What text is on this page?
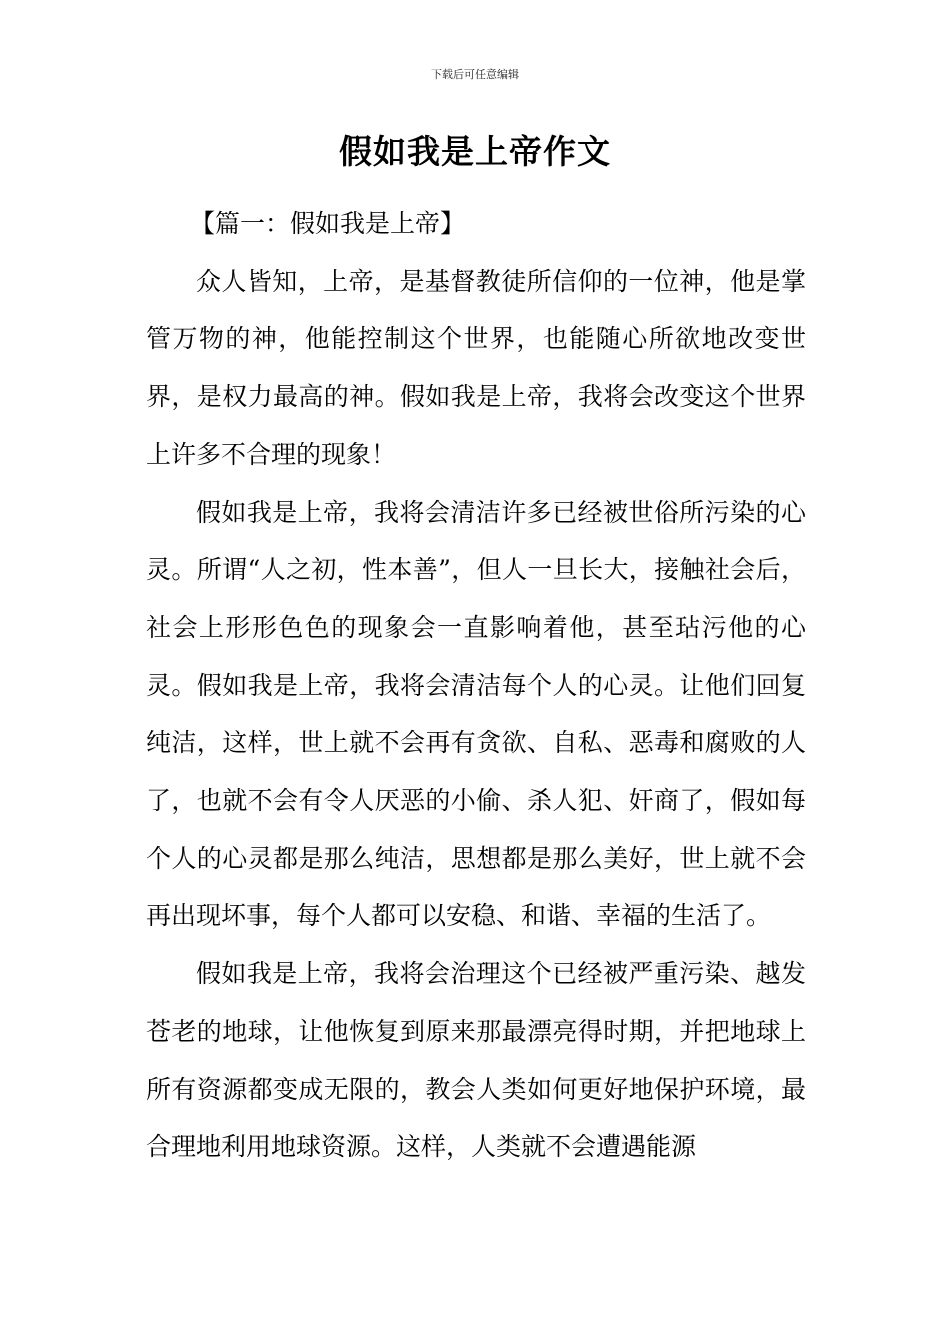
下载后可任意编辑
假如我是上帝作文

【篇一：假如我是上帝】

众人皆知，上帝，是基督教徒所信仰的一位神，他是掌管万物的神，他能控制这个世界，也能随心所欲地改变世界，是权力最高的神。假如我是上帝，我将会改变这个世界上许多不合理的现象！

假如我是上帝，我将会清洁许多已经被世俗所污染的心灵。所谓“人之初，性本善”，但人一旦长大，接触社会后，社会上形形色色的现象会一直影响着他，甚至玷污他的心灵。假如我是上帝，我将会清洁每个人的心灵。让他们回复纯洁，这样，世上就不会再有贪欲、自私、恶毒和腐败的人了，也就不会有令人厌恶的小偷、杀人犯、奸商了，假如每个人的心灵都是那么纯洁，思想都是那么美好，世上就不会再出现坏事，每个人都可以安稳、和谐、幸福的生活了。

假如我是上帝，我将会治理这个已经被严重污染、越发苍老的地球，让他恢复到原来那最漂亮得时期，并把地球上所有资源都变成无限的，教会人类如何更好地保护环境，最合理地利用地球资源。这样，人类就不会遭遇能源
